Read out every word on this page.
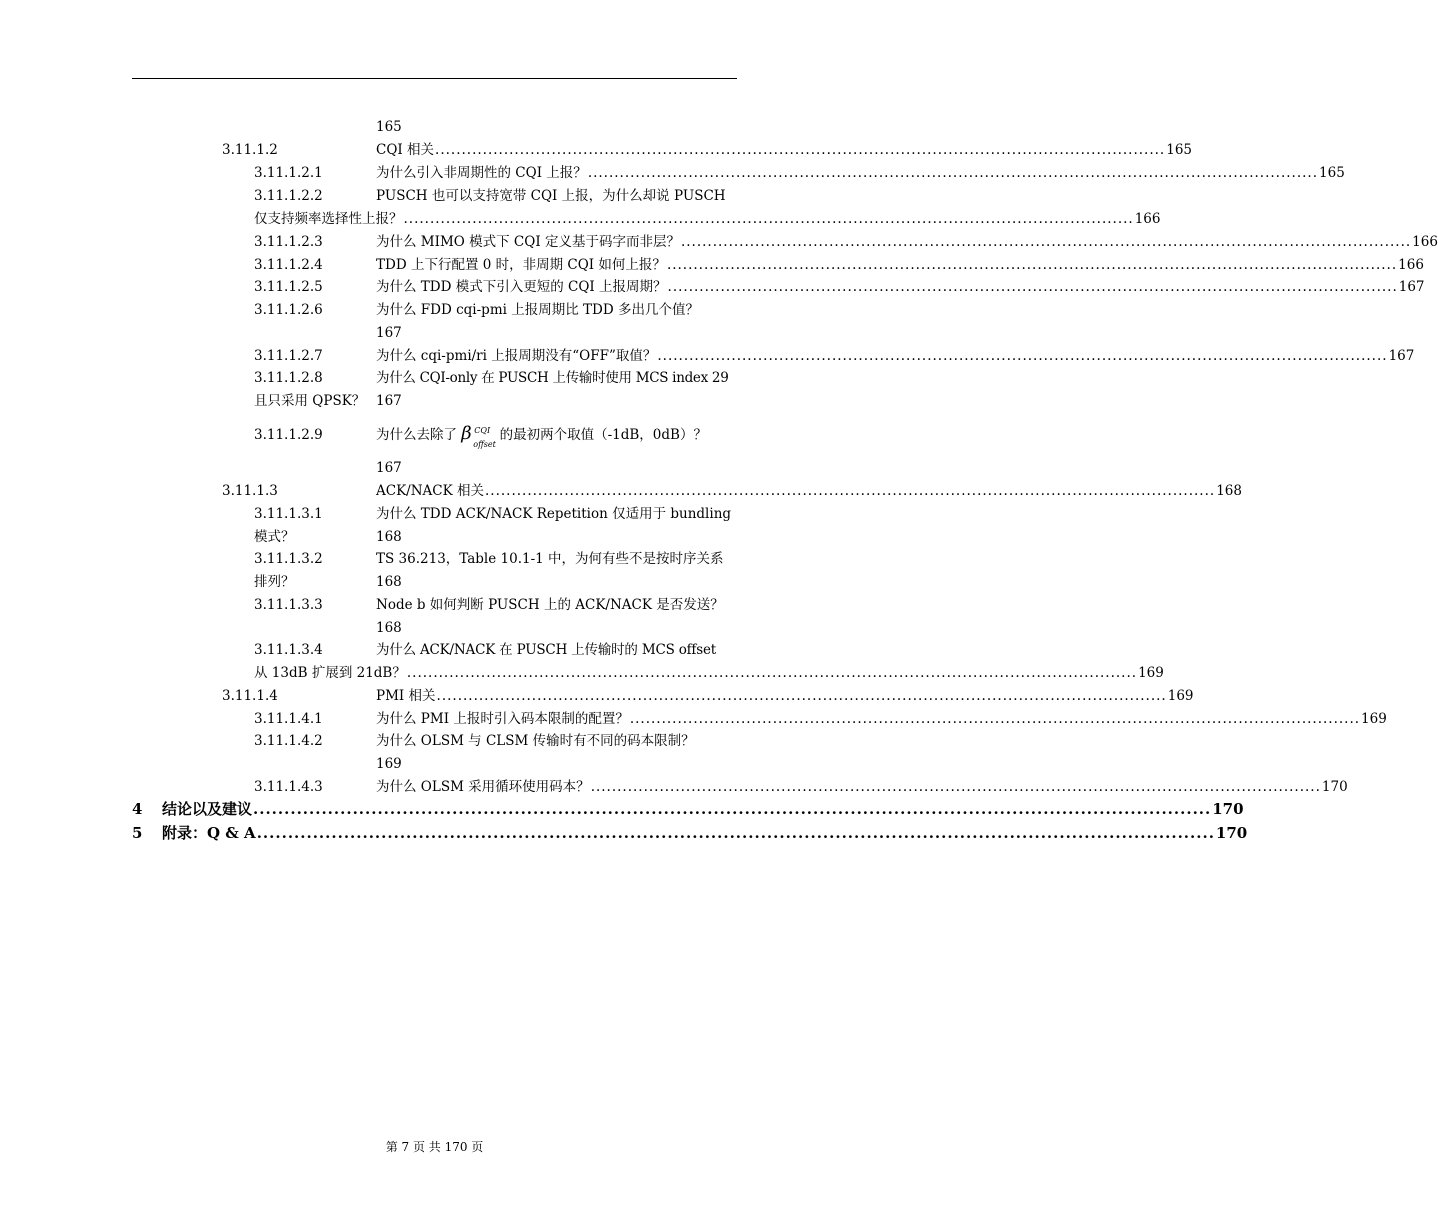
165
3.11.1.2	CQI 相关 .......................................................................................................................................... 165
3.11.1.2.1	为什么引入非周期性的 CQI 上报？ .......................................................................................................................................... 165
3.11.1.2.2	PUSCH 也可以支持宽带 CQI 上报，为什么却说 PUSCH
仅支持频率选择性上报？ .......................................................................................................................................... 166
3.11.1.2.3	为什么 MIMO 模式下 CQI 定义基于码字而非层？ .......................................................................................................................................... 166
3.11.1.2.4	TDD 上下行配置 0 时，非周期 CQI 如何上报？ .......................................................................................................................................... 166
3.11.1.2.5	为什么 TDD 模式下引入更短的 CQI 上报周期？ .......................................................................................................................................... 167
3.11.1.2.6	为什么 FDD cqi-pmi 上报周期比 TDD 多出几个值？
167
3.11.1.2.7	为什么 cqi-pmi/ri 上报周期没有“OFF”取值？ .......................................................................................................................................... 167
3.11.1.2.8	为什么 CQI-only 在 PUSCH 上传输时使用 MCS index 29
且只采用 QPSK？ 167
3.11.1.2.9	为什么去除了 β CQI
offset
的最初两个取值（-1dB，0dB）？
167
3.11.1.3	ACK/NACK 相关 .......................................................................................................................................... 168
3.11.1.3.1	为什么 TDD ACK/NACK Repetition 仅适用于 bundling
模式？	168
3.11.1.3.2	TS 36.213，Table 10.1-1 中，为何有些不是按时序关系
排列？	168
3.11.1.3.3	Node b 如何判断 PUSCH 上的 ACK/NACK 是否发送？
168
3.11.1.3.4	为什么 ACK/NACK 在 PUSCH 上传输时的 MCS offset
从 13dB 扩展到 21dB？ .......................................................................................................................................... 169
3.11.1.4	PMI 相关 .......................................................................................................................................... 169
3.11.1.4.1	为什么 PMI 上报时引入码本限制的配置？ .......................................................................................................................................... 169
3.11.1.4.2	为什么 OLSM 与 CLSM 传输时有不同的码本限制？
169
3.11.1.4.3	为什么 OLSM 采用循环使用码本？ .......................................................................................................................................... 170
4 结论以及建议 .......................................................................................................................................................... 170
5 附录：Q & A .......................................................................................................................................................... 170
第 7 页 共 170 页
